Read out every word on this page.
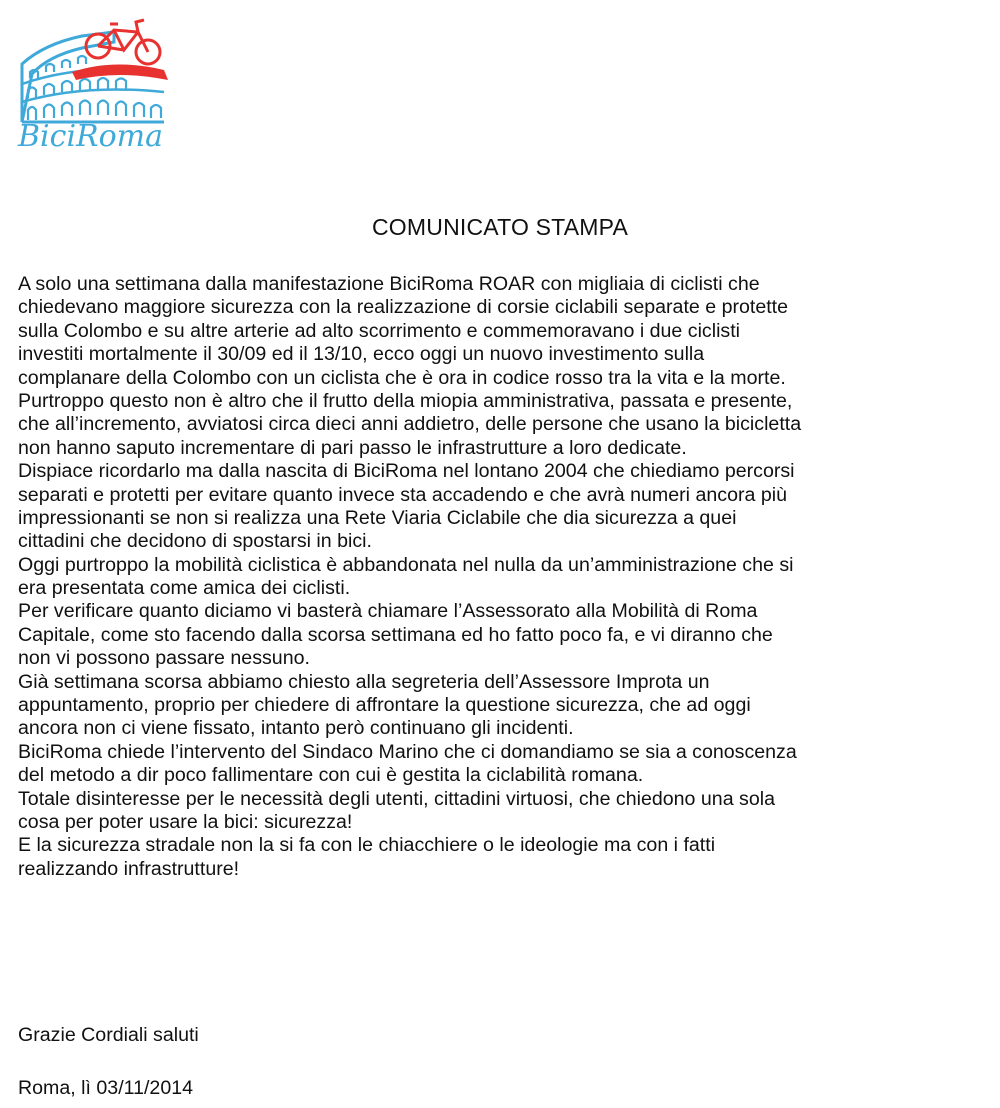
BiciRoma
COMUNICATO STAMPA
A solo una settimana dalla manifestazione BiciRoma ROAR con migliaia di ciclisti che
chiedevano maggiore sicurezza con la realizzazione di corsie ciclabili separate e protette
sulla Colombo e su altre arterie ad alto scorrimento e commemoravano i due ciclisti
investiti mortalmente il 30/09 ed il 13/10, ecco oggi un nuovo investimento sulla
complanare della Colombo con un ciclista che è ora in codice rosso tra la vita e la morte.
Purtroppo questo non è altro che il frutto della miopia amministrativa, passata e presente,
che all’incremento, avviatosi circa dieci anni addietro, delle persone che usano la bicicletta
non hanno saputo incrementare di pari passo le infrastrutture a loro dedicate.
Dispiace ricordarlo ma dalla nascita di BiciRoma nel lontano 2004 che chiediamo percorsi
separati e protetti per evitare quanto invece sta accadendo e che avrà numeri ancora più
impressionanti se non si realizza una Rete Viaria Ciclabile che dia sicurezza a quei
cittadini che decidono di spostarsi in bici.
Oggi purtroppo la mobilità ciclistica è abbandonata nel nulla da un’amministrazione che si
era presentata come amica dei ciclisti.
Per verificare quanto diciamo vi basterà chiamare l’Assessorato alla Mobilità di Roma
Capitale, come sto facendo dalla scorsa settimana ed ho fatto poco fa, e vi diranno che
non vi possono passare nessuno.
Già settimana scorsa abbiamo chiesto alla segreteria dell’Assessore Improta un
appuntamento, proprio per chiedere di affrontare la questione sicurezza, che ad oggi
ancora non ci viene fissato, intanto però continuano gli incidenti.
BiciRoma chiede l’intervento del Sindaco Marino che ci domandiamo se sia a conoscenza
del metodo a dir poco fallimentare con cui è gestita la ciclabilità romana.
Totale disinteresse per le necessità degli utenti, cittadini virtuosi, che chiedono una sola
cosa per poter usare la bici: sicurezza!
E la sicurezza stradale non la si fa con le chiacchiere o le ideologie ma con i fatti
realizzando infrastrutture!
Grazie Cordiali saluti
Roma, lì 03/11/2014
